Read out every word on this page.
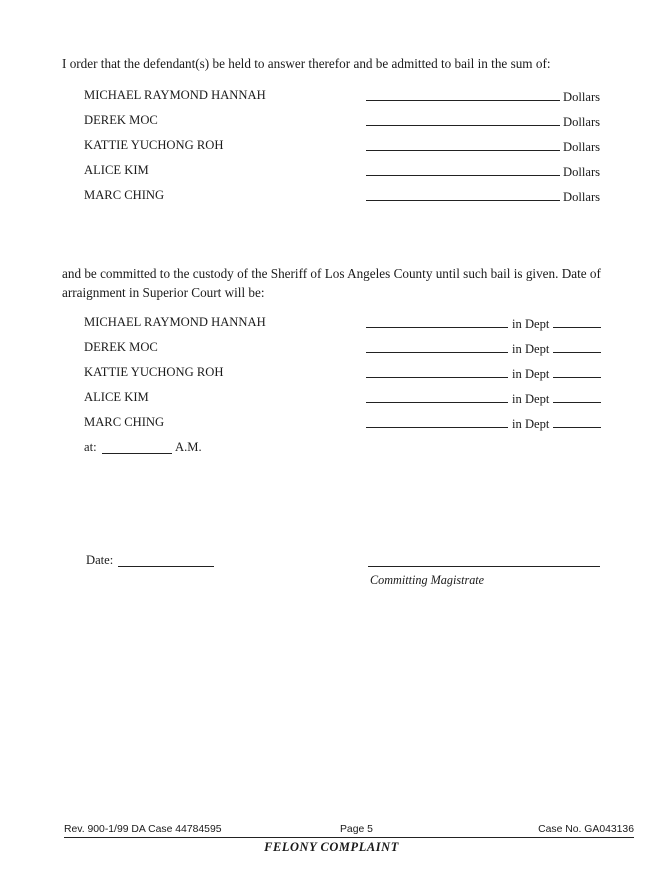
I order that the defendant(s) be held to answer therefor and be admitted to bail in the sum of:

MICHAEL RAYMOND HANNAH	Dollars
DEREK MOC	Dollars
KATTIE YUCHONG ROH	Dollars
ALICE KIM	Dollars
MARC CHING	Dollars

and be committed to the custody of the Sheriff of Los Angeles County until such bail is given. Date of arraignment in Superior Court will be:

MICHAEL RAYMOND HANNAH	in Dept
DEREK MOC	in Dept
KATTIE YUCHONG ROH	in Dept
ALICE KIM	in Dept
MARC CHING	in Dept
at:	A.M.
Date:
Committing Magistrate
Rev. 900-1/99 DA Case 44784595	Page 5	Case No. GA043136
FELONY COMPLAINT
